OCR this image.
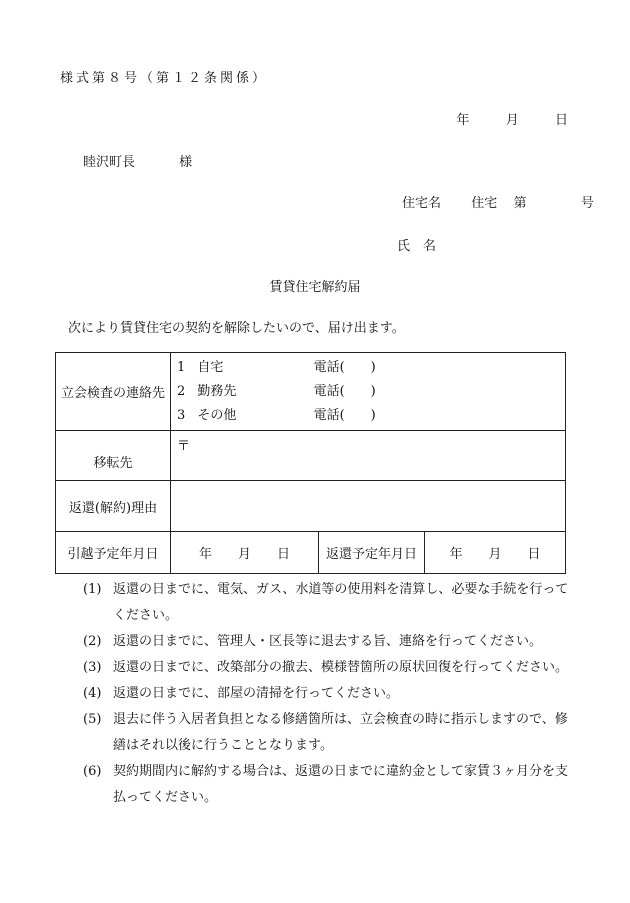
様式第８号（第１２条関係）
年	月	日
睦沢町長	様
住宅名 住宅 第	号
氏　名
賃貸住宅解約届
次により賃貸住宅の契約を解除したいので、届け出ます。
立会検査の連絡先	1 自宅 電話(　　)
2 勤務先 電話(　　)
3 その他 電話(　　)		

移転先	〒		
返還(解約)理由			
引越予定年月日	年　　月　　日	返還予定年月日	年　　月　　日
(1) 返還の日までに、電気、ガス、水道等の使用料を清算し、必要な手続を行ってください。
(2) 返還の日までに、管理人・区長等に退去する旨、連絡を行ってください。
(3) 返還の日までに、改築部分の撤去、模様替箇所の原状回復を行ってください。
(4) 返還の日までに、部屋の清掃を行ってください。
(5) 退去に伴う入居者負担となる修繕箇所は、立会検査の時に指示しますので、修繕はそれ以後に行うこととなります。
(6) 契約期間内に解約する場合は、返還の日までに違約金として家賃３ヶ月分を支払ってください。
